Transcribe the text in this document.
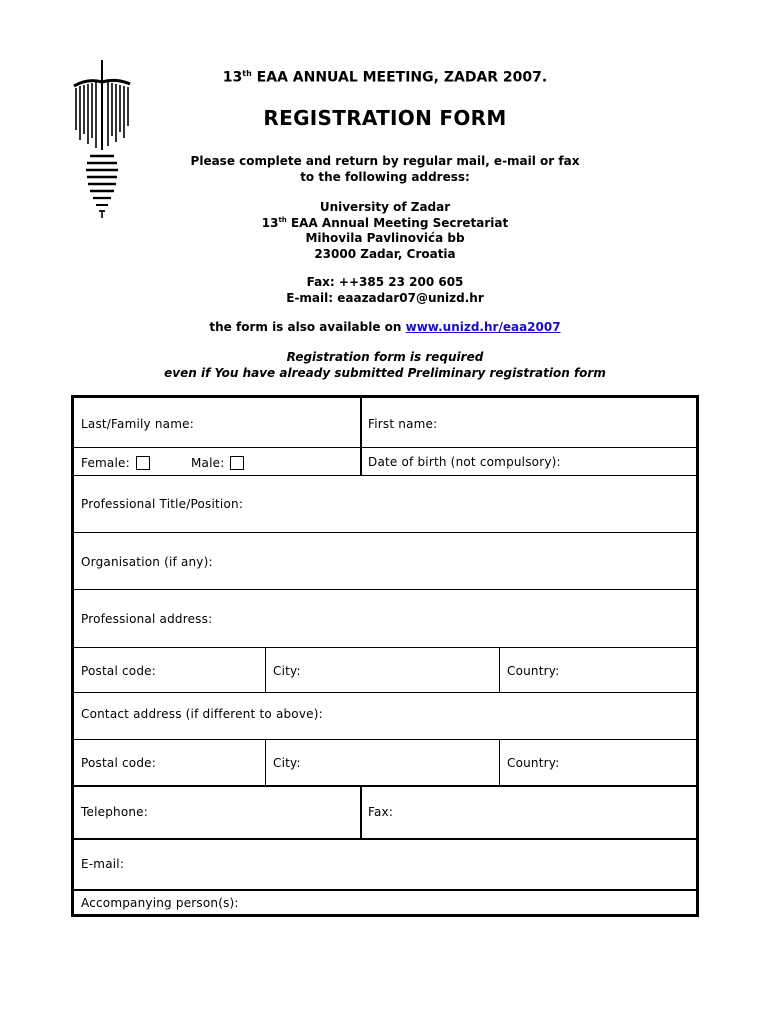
13th EAA ANNUAL MEETING, ZADAR 2007.
REGISTRATION FORM
Please complete and return by regular mail, e-mail or fax
to the following address:
University of Zadar
13th EAA Annual Meeting Secretariat
Mihovila Pavlinovića bb
23000 Zadar, Croatia
Fax: ++385 23 200 605
E-mail: eaazadar07@unizd.hr
the form is also available on www.unizd.hr/eaa2007
Registration form is required
even if You have already submitted Preliminary registration form
Last/Family name:	First name:
Female:	Male:	Date of birth (not compulsory):
Professional Title/Position:
Organisation (if any):
Professional address:
Postal code:	City:	Country:
Contact address (if different to above):
Postal code:	City:	Country:
Telephone:	Fax:
E-mail:
Accompanying person(s):
